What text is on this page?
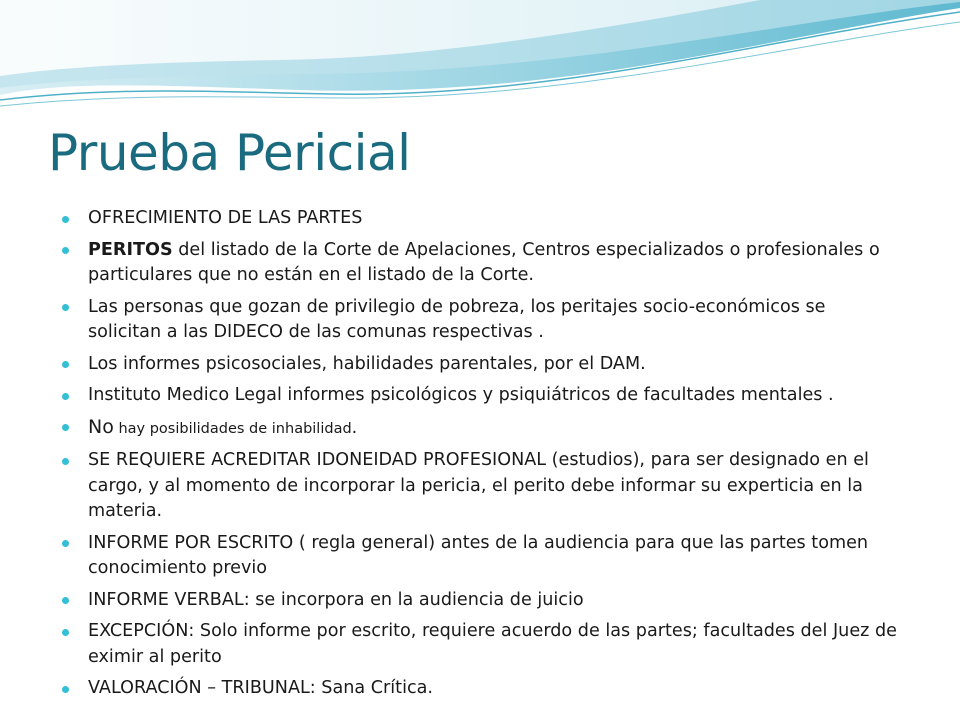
Prueba Pericial
OFRECIMIENTO DE LAS PARTES
PERITOS del listado de la Corte de Apelaciones, Centros especializados o profesionales o particulares que no están en el listado de la Corte.
Las personas que gozan de privilegio de pobreza, los peritajes socio-económicos se solicitan a las DIDECO de las comunas respectivas .
Los informes psicosociales, habilidades parentales, por el DAM.
Instituto Medico Legal informes psicológicos y psiquiátricos de facultades mentales .
No hay posibilidades de inhabilidad.
SE REQUIERE ACREDITAR IDONEIDAD PROFESIONAL (estudios), para ser designado en el cargo, y al momento de incorporar la pericia, el perito debe informar su experticia en la materia.
INFORME POR ESCRITO ( regla general) antes de la audiencia para que las partes tomen conocimiento previo
INFORME VERBAL: se incorpora en la audiencia de juicio
EXCEPCIÓN: Solo informe por escrito, requiere acuerdo de las partes; facultades del Juez de eximir al perito
VALORACIÓN – TRIBUNAL: Sana Crítica.
